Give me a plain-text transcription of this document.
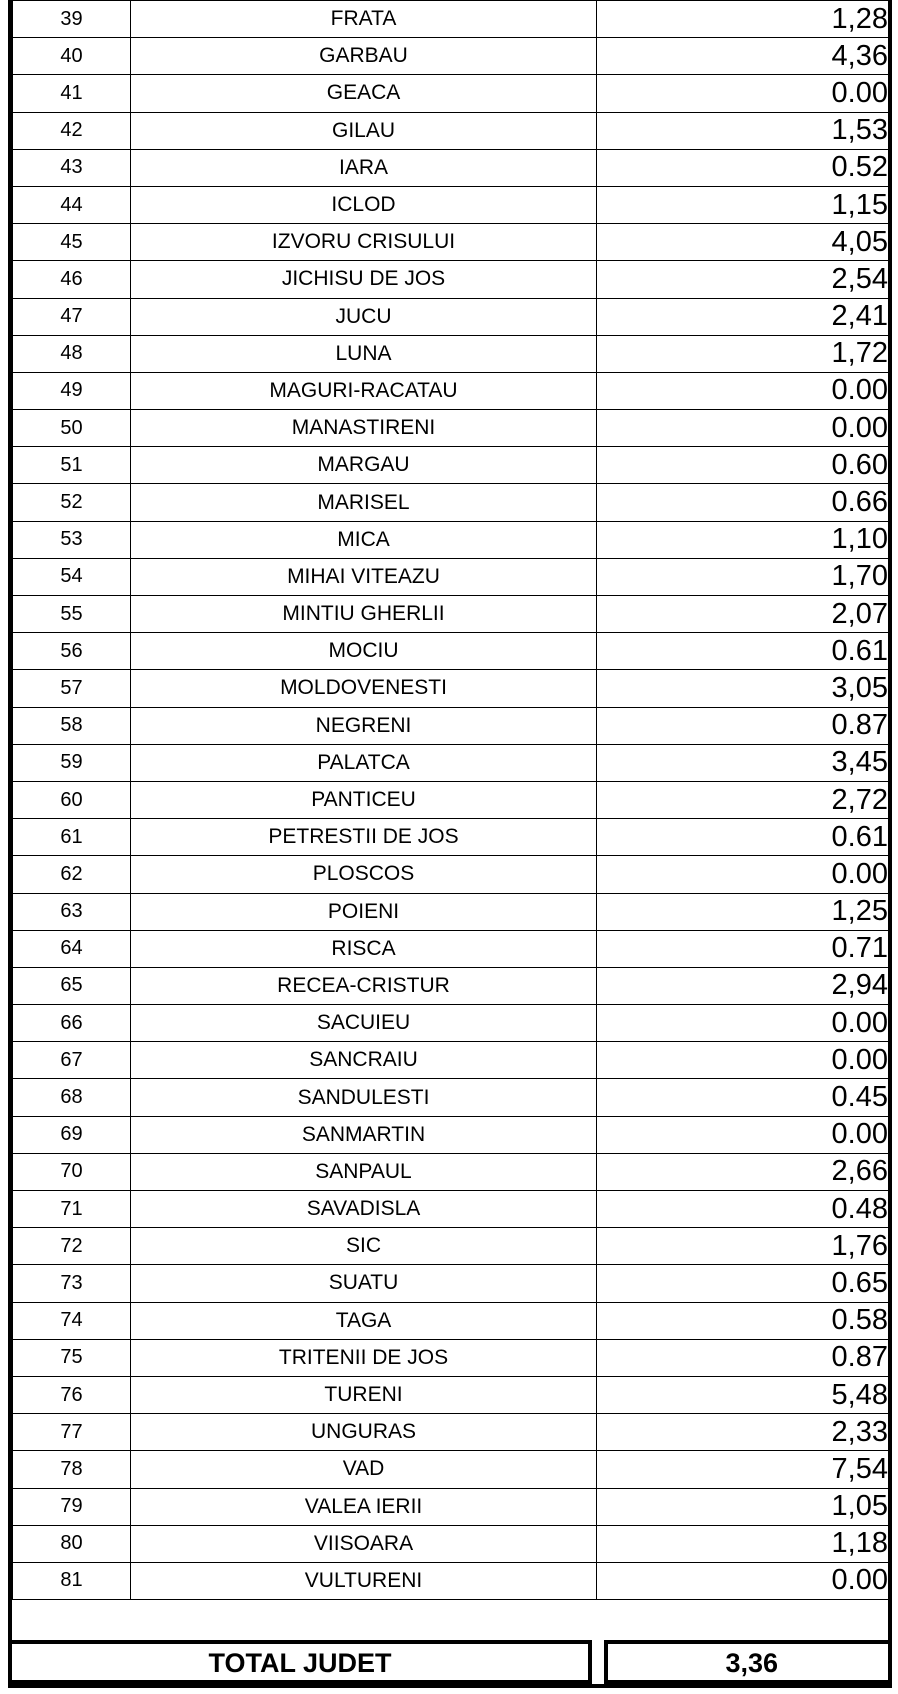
39	FRATA	1,28
40	GARBAU	4,36
41	GEACA	0.00
42	GILAU	1,53
43	IARA	0.52
44	ICLOD	1,15
45	IZVORU CRISULUI	4,05
46	JICHISU DE JOS	2,54
47	JUCU	2,41
48	LUNA	1,72
49	MAGURI-RACATAU	0.00
50	MANASTIRENI	0.00
51	MARGAU	0.60
52	MARISEL	0.66
53	MICA	1,10
54	MIHAI VITEAZU	1,70
55	MINTIU GHERLII	2,07
56	MOCIU	0.61
57	MOLDOVENESTI	3,05
58	NEGRENI	0.87
59	PALATCA	3,45
60	PANTICEU	2,72
61	PETRESTII DE JOS	0.61
62	PLOSCOS	0.00
63	POIENI	1,25
64	RISCA	0.71
65	RECEA-CRISTUR	2,94
66	SACUIEU	0.00
67	SANCRAIU	0.00
68	SANDULESTI	0.45
69	SANMARTIN	0.00
70	SANPAUL	2,66
71	SAVADISLA	0.48
72	SIC	1,76
73	SUATU	0.65
74	TAGA	0.58
75	TRITENII DE JOS	0.87
76	TURENI	5,48
77	UNGURAS	2,33
78	VAD	7,54
79	VALEA IERII	1,05
80	VIISOARA	1,18
81	VULTURENI	0.00
TOTAL JUDET	3,36
